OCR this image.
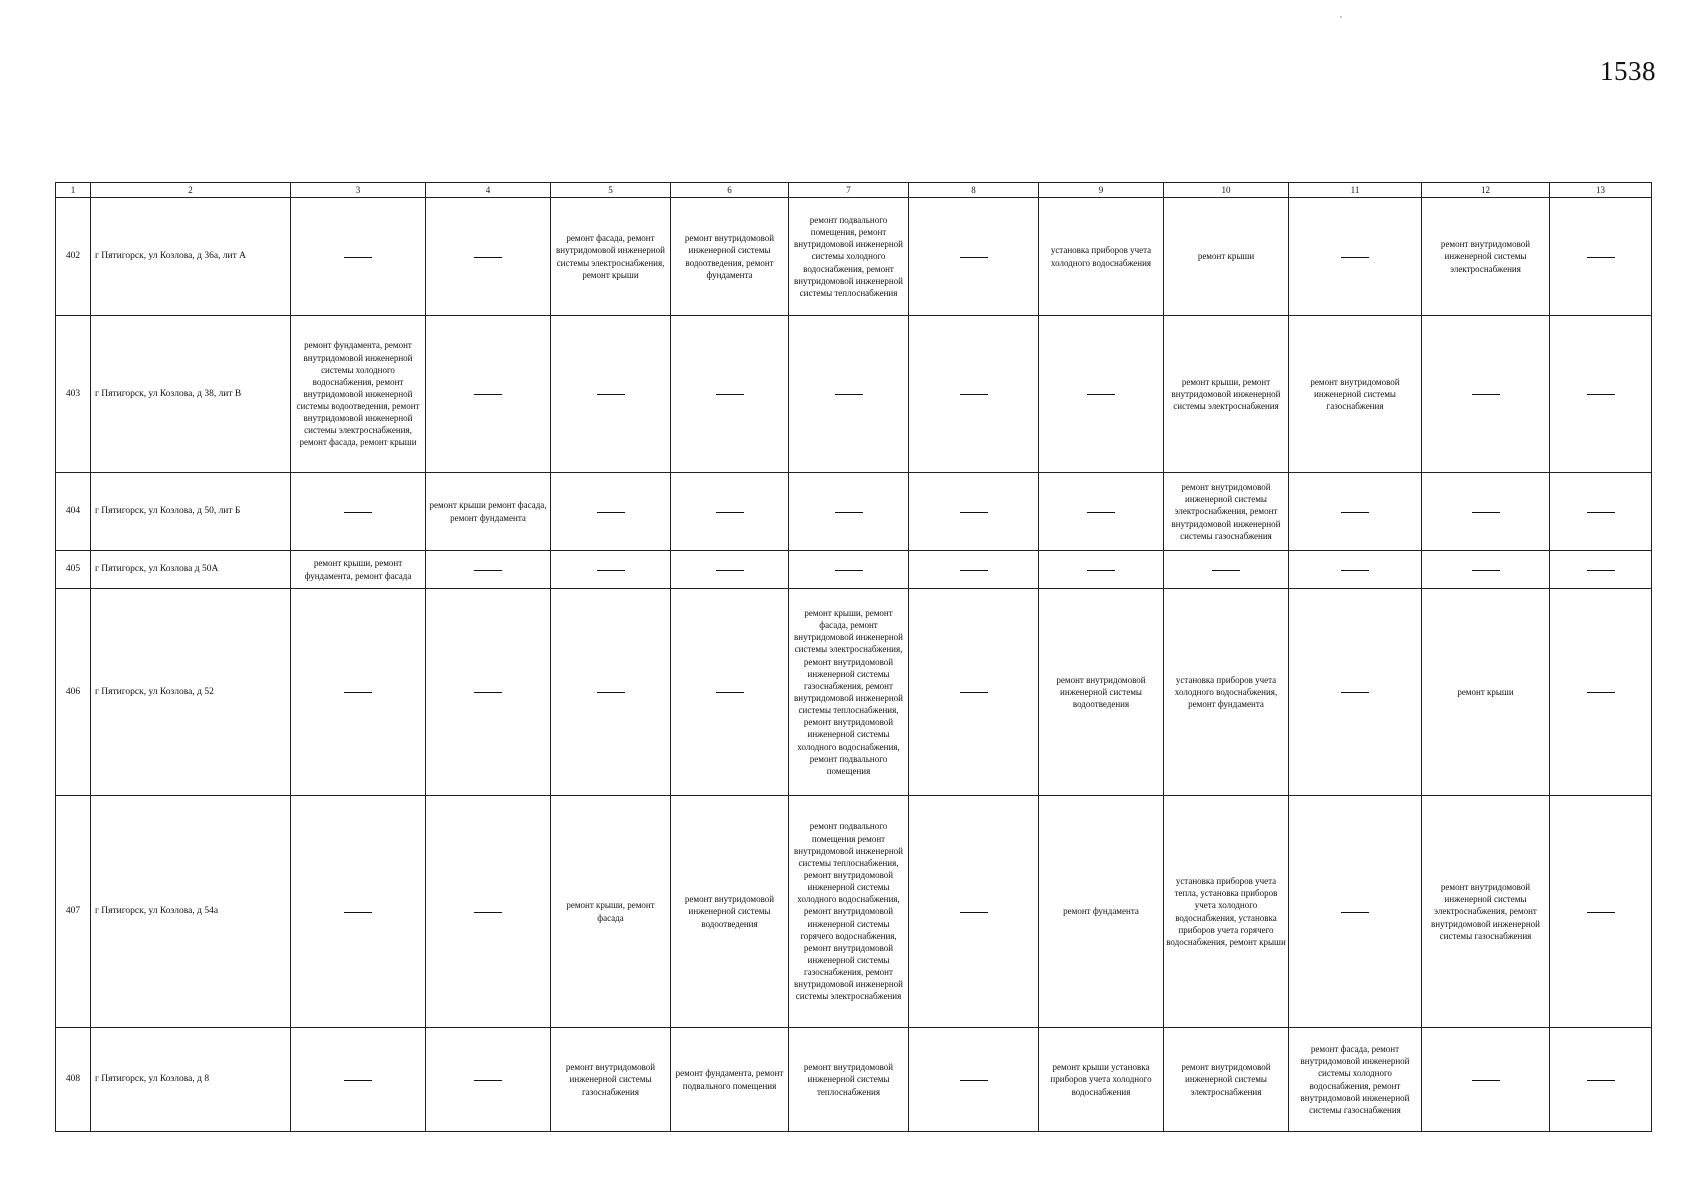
1538
1	2	3	4	5	6	7	8	9	10	11	12	13
402	г Пятигорск, ул Козлова, д 36а, лит А			ремонт фасада, ремонт внутридомовой инженерной системы электроснабжения, ремонт крыши	ремонт внутридомовой инженерной системы водоотведения, ремонт фундамента	ремонт подвального помещения, ремонт внутридомовой инженерной системы холодного водоснабжения, ремонт внутридомовой инженерной системы теплоснабжения		установка приборов учета холодного водоснабжения	ремонт крыши		ремонт внутридомовой инженерной системы электроснабжения	
403	г Пятигорск, ул Козлова, д 38, лит В	ремонт фундамента, ремонт внутридомовой инженерной системы холодного водоснабжения, ремонт внутридомовой инженерной системы водоотведения, ремонт внутридомовой инженерной системы электроснабжения, ремонт фасада, ремонт крыши							ремонт крыши, ремонт внутридомовой инженерной системы электроснабжения	ремонт внутридомовой инженерной системы газоснабжения		
404	г Пятигорск, ул Козлова, д 50, лит Б		ремонт крыши ремонт фасада, ремонт фундамента						ремонт внутридомовой инженерной системы электроснабжения, ремонт внутридомовой инженерной системы газоснабжения			
405	г Пятигорск, ул Козлова д 50А	ремонт крыши, ремонт фундамента, ремонт фасада										
406	г Пятигорск, ул Козлова, д 52					ремонт крыши, ремонт фасада, ремонт внутридомовой инженерной системы электроснабжения, ремонт внутридомовой инженерной системы газоснабжения, ремонт внутридомовой инженерной системы теплоснабжения, ремонт внутридомовой инженерной системы холодного водоснабжения, ремонт подвального помещения		ремонт внутридомовой инженерной системы водоотведения	установка приборов учета холодного водоснабжения, ремонт фундамента		ремонт крыши	
407	г Пятигорск, ул Козлова, д 54а			ремонт крыши, ремонт фасада	ремонт внутридомовой инженерной системы водоотведения	ремонт подвального помещения ремонт внутридомовой инженерной системы теплоснабжения, ремонт внутридомовой инженерной системы холодного водоснабжения, ремонт внутридомовой инженерной системы горячего водоснабжения, ремонт внутридомовой инженерной системы газоснабжения, ремонт внутридомовой инженерной системы электроснабжения		ремонт фундамента	установка приборов учета тепла, установка приборов учета холодного водоснабжения, установка приборов учета горячего водоснабжения, ремонт крыши		ремонт внутридомовой инженерной системы электроснабжения, ремонт внутридомовой инженерной системы газоснабжения	
408	г Пятигорск, ул Козлова, д 8			ремонт внутридомовой инженерной системы газоснабжения	ремонт фундамента, ремонт подвального помещения	ремонт внутридомовой инженерной системы теплоснабжения		ремонт крыши установка приборов учета холодного водоснабжения	ремонт внутридомовой инженерной системы электроснабжения	ремонт фасада, ремонт внутридомовой инженерной системы холодного водоснабжения, ремонт внутридомовой инженерной системы газоснабжения		
